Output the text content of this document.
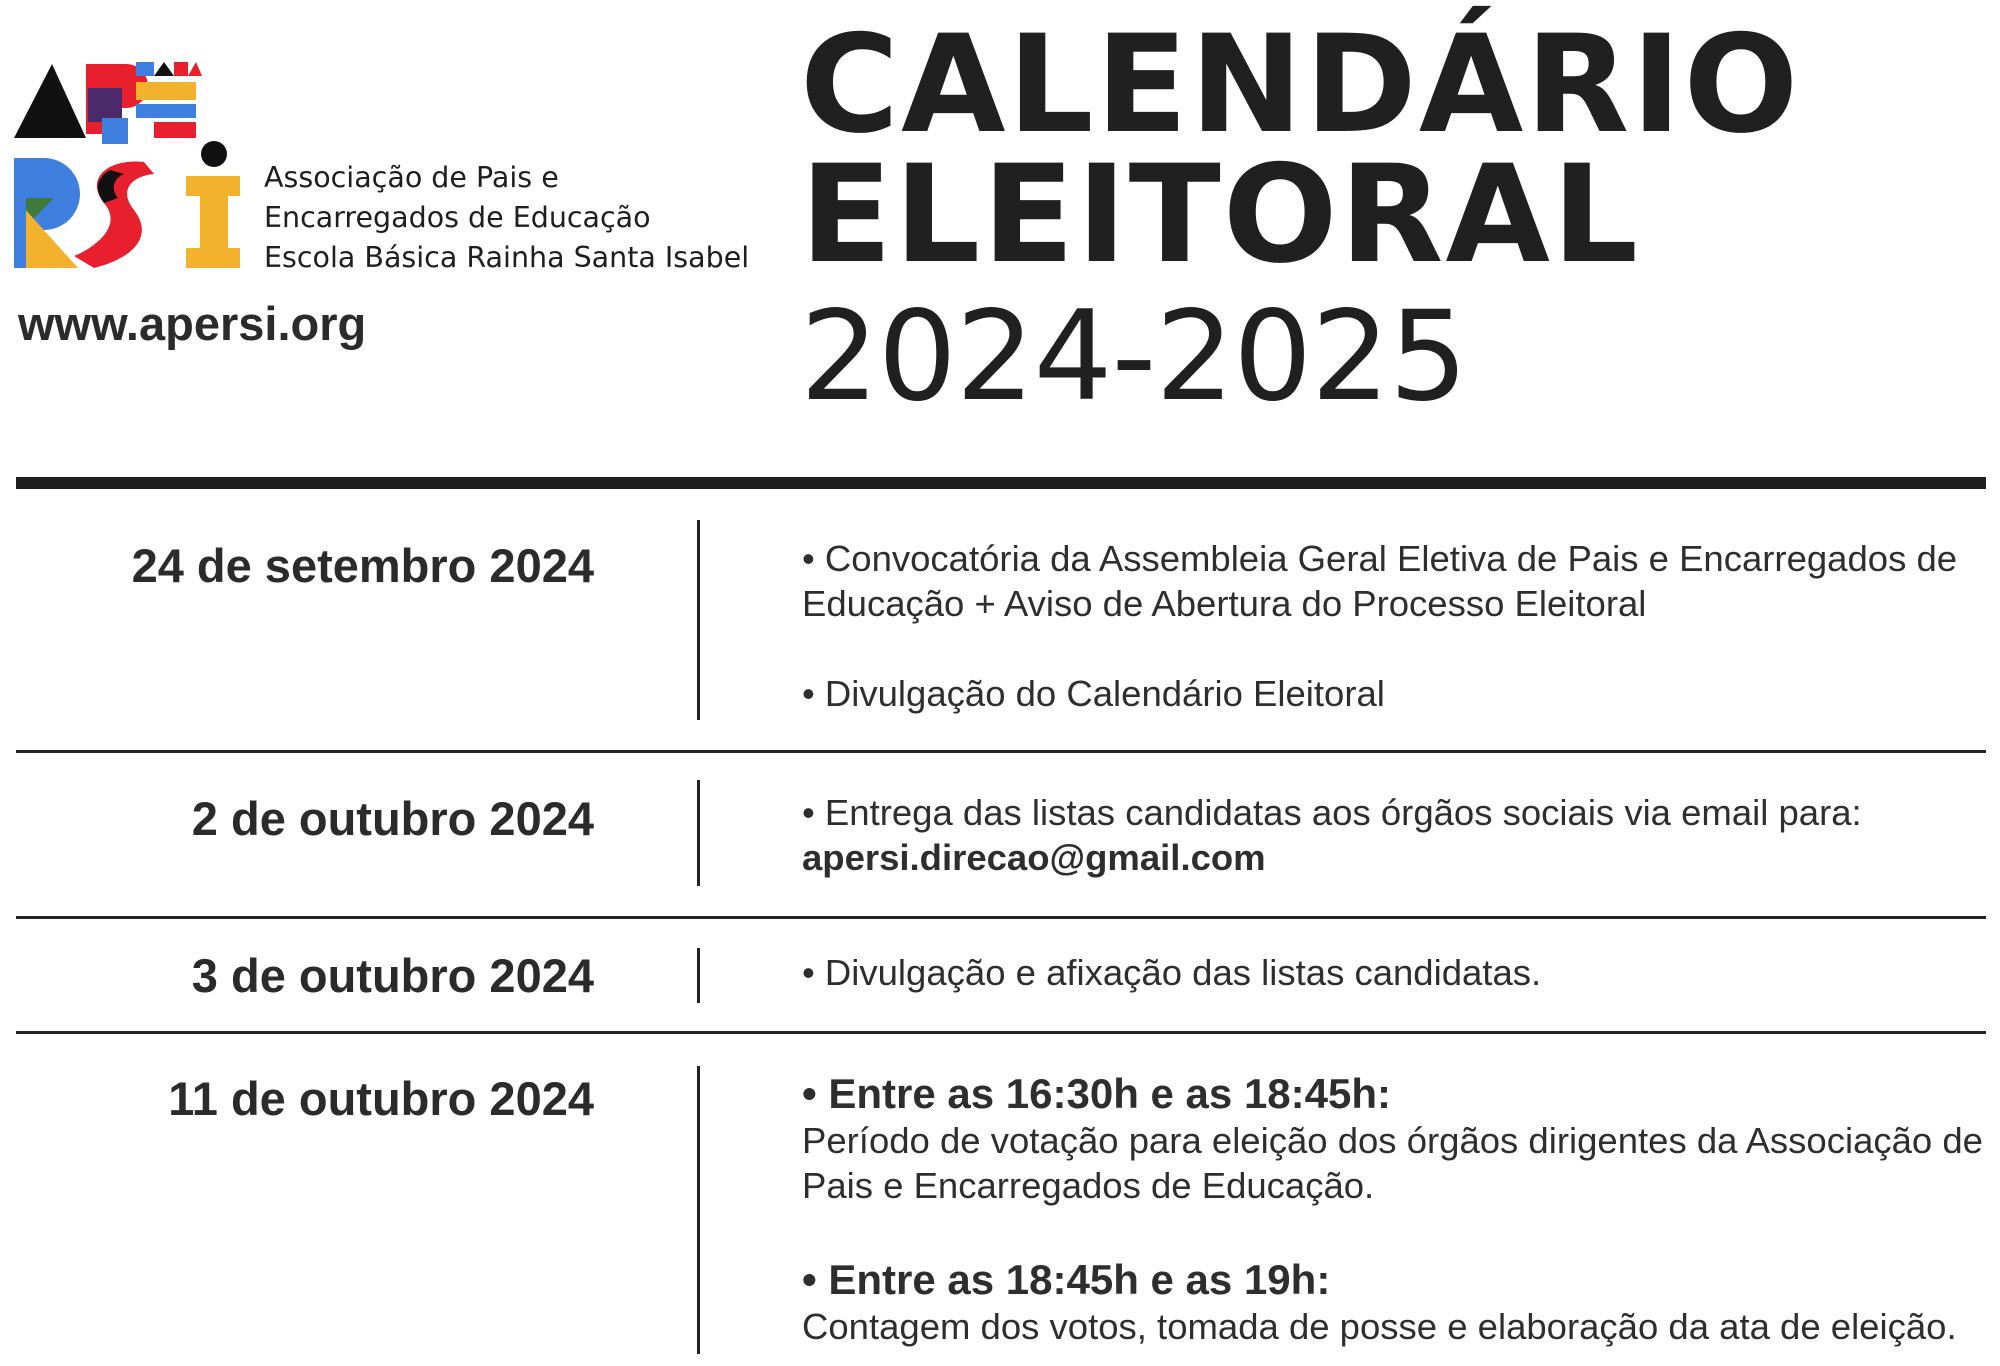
Associação de Pais e
Encarregados de Educação
Escola Básica Rainha Santa Isabel
www.apersi.org
CALENDÁRIO
ELEITORAL
2024-2025
24 de setembro 2024	• Convocatória da Assembleia Geral Eletiva de Pais e Encarregados de Educação + Aviso de Abertura do Processo Eleitoral

• Divulgação do Calendário Eleitoral

2 de outubro 2024	• Entrega das listas candidatas aos órgãos sociais via email para:

apersi.direcao@gmail.com

3 de outubro 2024	• Divulgação e afixação das listas candidatas.

11 de outubro 2024	• Entre as 16:30h e as 18:45h:

Período de votação para eleição dos órgãos dirigentes da Associação de Pais e Encarregados de Educação.

• Entre as 18:45h e as 19h:

Contagem dos votos, tomada de posse e elaboração da ata de eleição.
